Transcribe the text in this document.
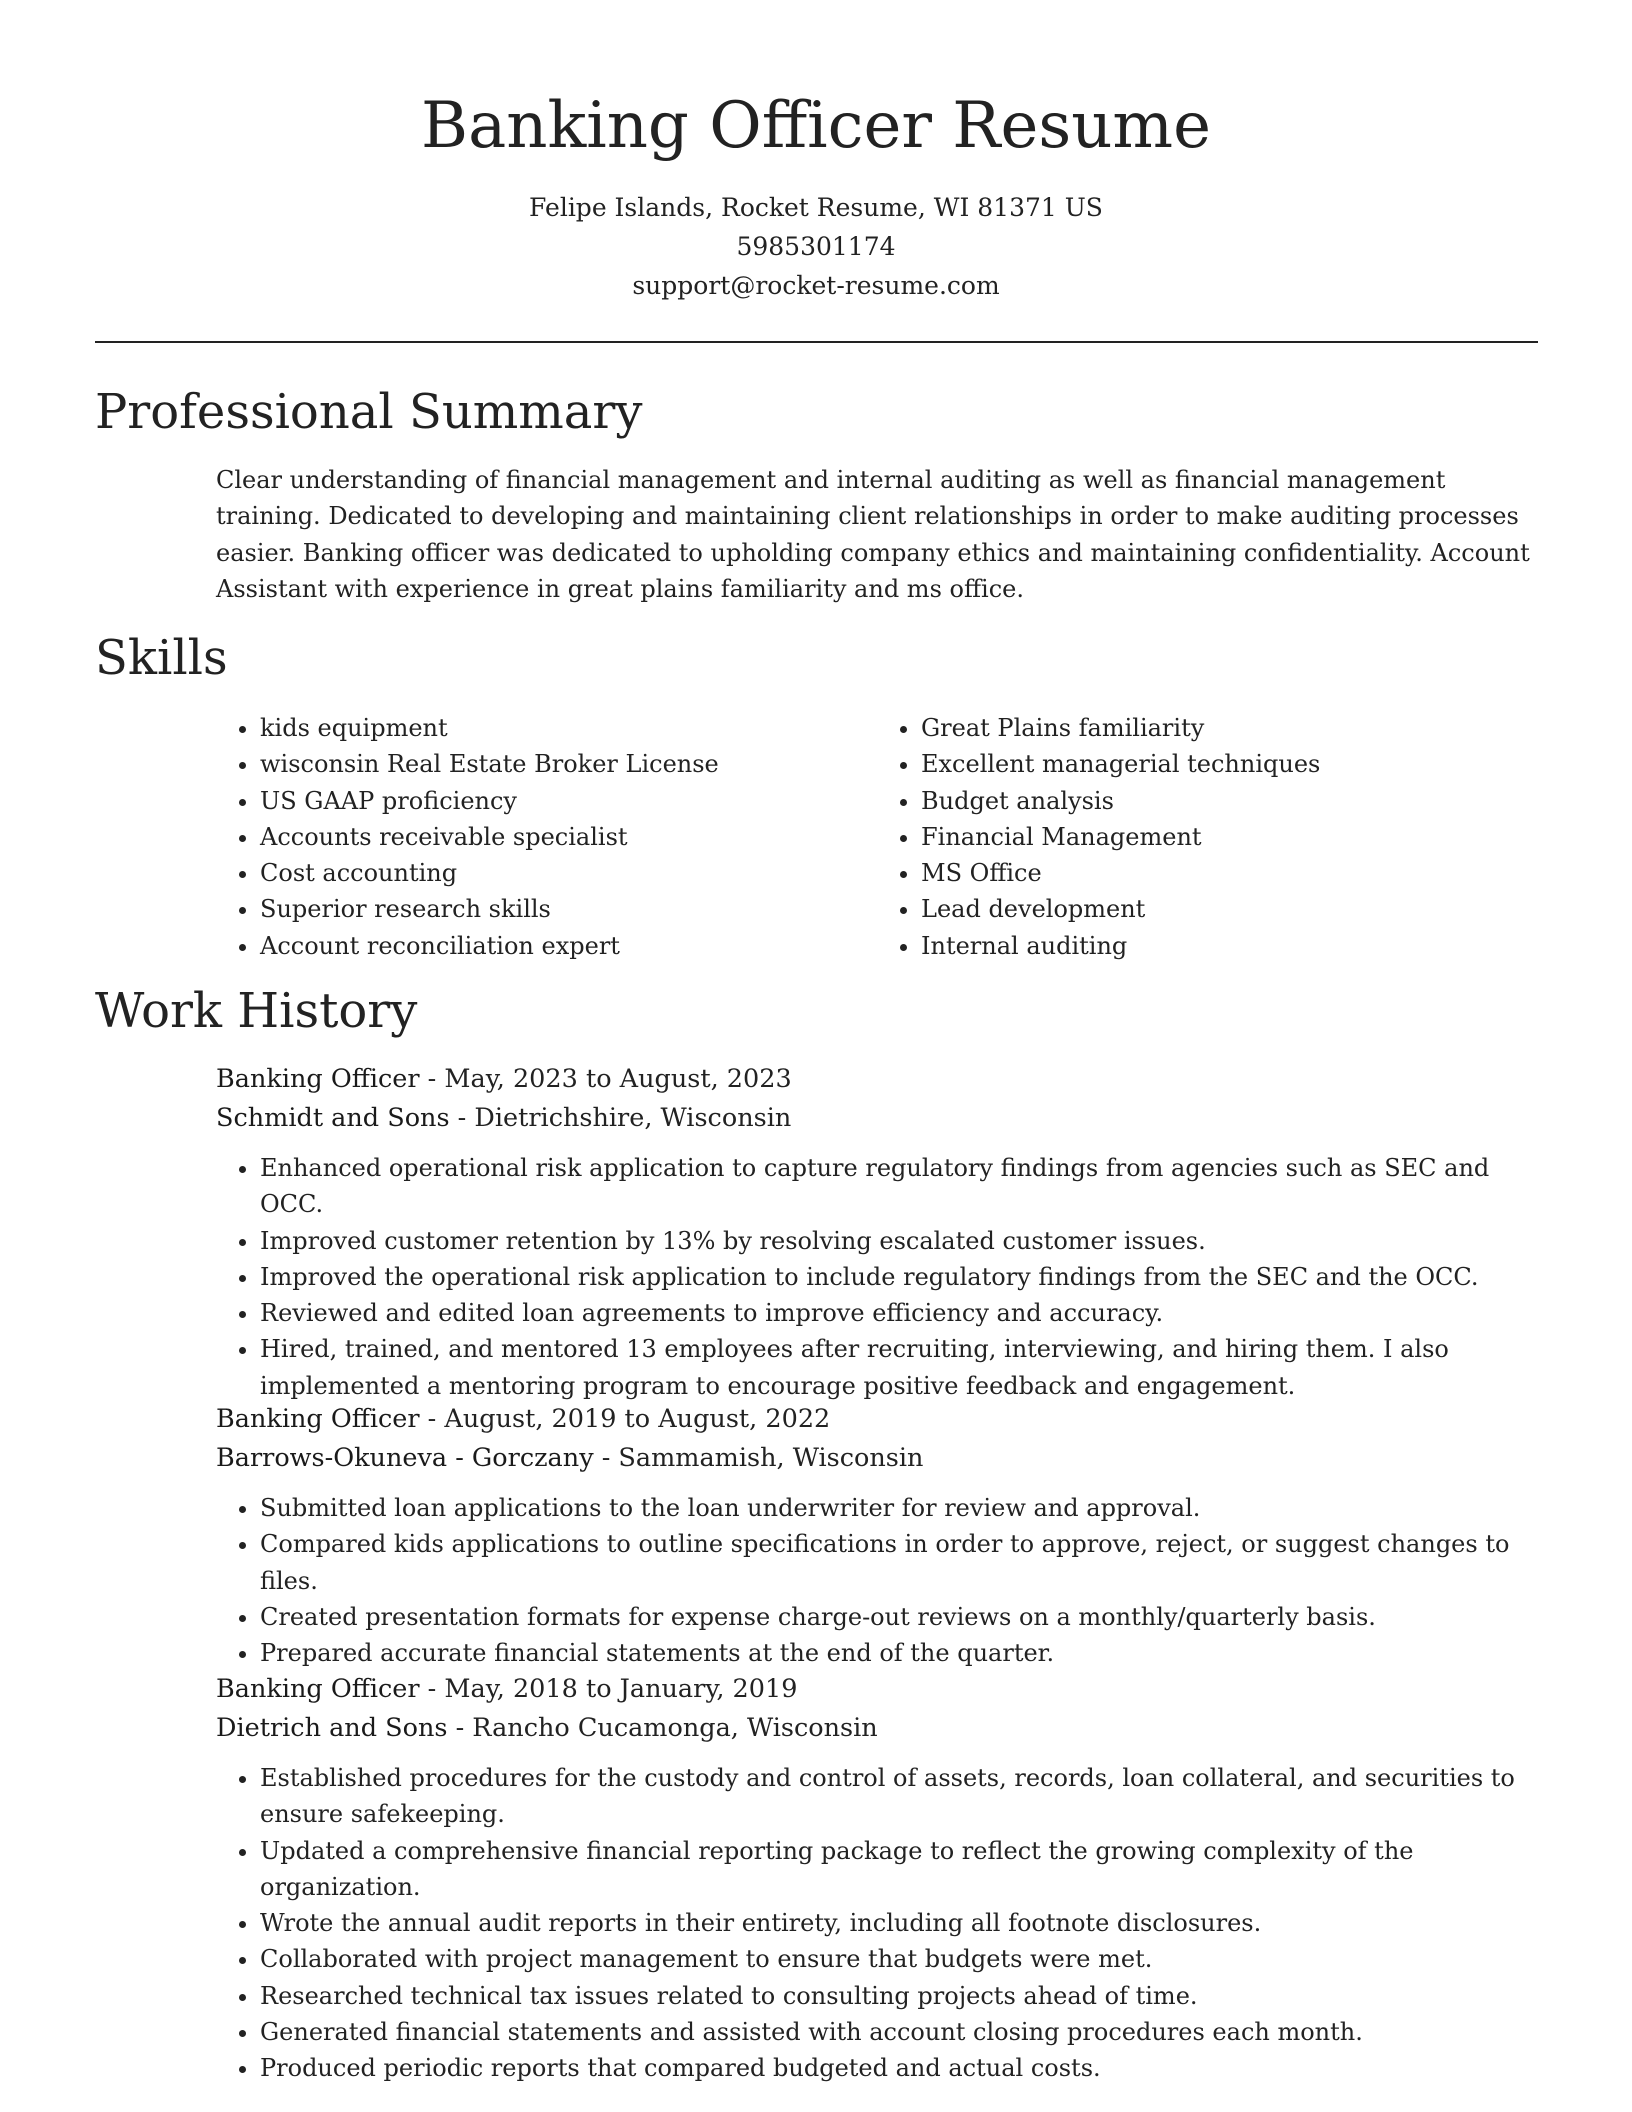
Banking Officer Resume
Felipe Islands, Rocket Resume, WI 81371 US
5985301174
support@rocket-resume.com
Professional Summary

Clear understanding of financial management and internal auditing as well as financial management training. Dedicated to developing and maintaining client relationships in order to make auditing processes easier. Banking officer was dedicated to upholding company ethics and maintaining confidentiality. Account Assistant with experience in great plains familiarity and ms office.

Skills
• kids equipment
• wisconsin Real Estate Broker License
• US GAAP proficiency
• Accounts receivable specialist
• Cost accounting
• Superior research skills
• Account reconciliation expert
• Great Plains familiarity
• Excellent managerial techniques
• Budget analysis
• Financial Management
• MS Office
• Lead development
• Internal auditing
Work History

Banking Officer - May, 2023 to August, 2023

Schmidt and Sons - Dietrichshire, Wisconsin

• Enhanced operational risk application to capture regulatory findings from agencies such as SEC and OCC.
• Improved customer retention by 13% by resolving escalated customer issues.
• Improved the operational risk application to include regulatory findings from the SEC and the OCC.
• Reviewed and edited loan agreements to improve efficiency and accuracy.
• Hired, trained, and mentored 13 employees after recruiting, interviewing, and hiring them. I also implemented a mentoring program to encourage positive feedback and engagement.

Banking Officer - August, 2019 to August, 2022

Barrows-Okuneva - Gorczany - Sammamish, Wisconsin

• Submitted loan applications to the loan underwriter for review and approval.
• Compared kids applications to outline specifications in order to approve, reject, or suggest changes to files.
• Created presentation formats for expense charge-out reviews on a monthly/quarterly basis.
• Prepared accurate financial statements at the end of the quarter.

Banking Officer - May, 2018 to January, 2019

Dietrich and Sons - Rancho Cucamonga, Wisconsin

• Established procedures for the custody and control of assets, records, loan collateral, and securities to ensure safekeeping.
• Updated a comprehensive financial reporting package to reflect the growing complexity of the organization.
• Wrote the annual audit reports in their entirety, including all footnote disclosures.
• Collaborated with project management to ensure that budgets were met.
• Researched technical tax issues related to consulting projects ahead of time.
• Generated financial statements and assisted with account closing procedures each month.
• Produced periodic reports that compared budgeted and actual costs.
